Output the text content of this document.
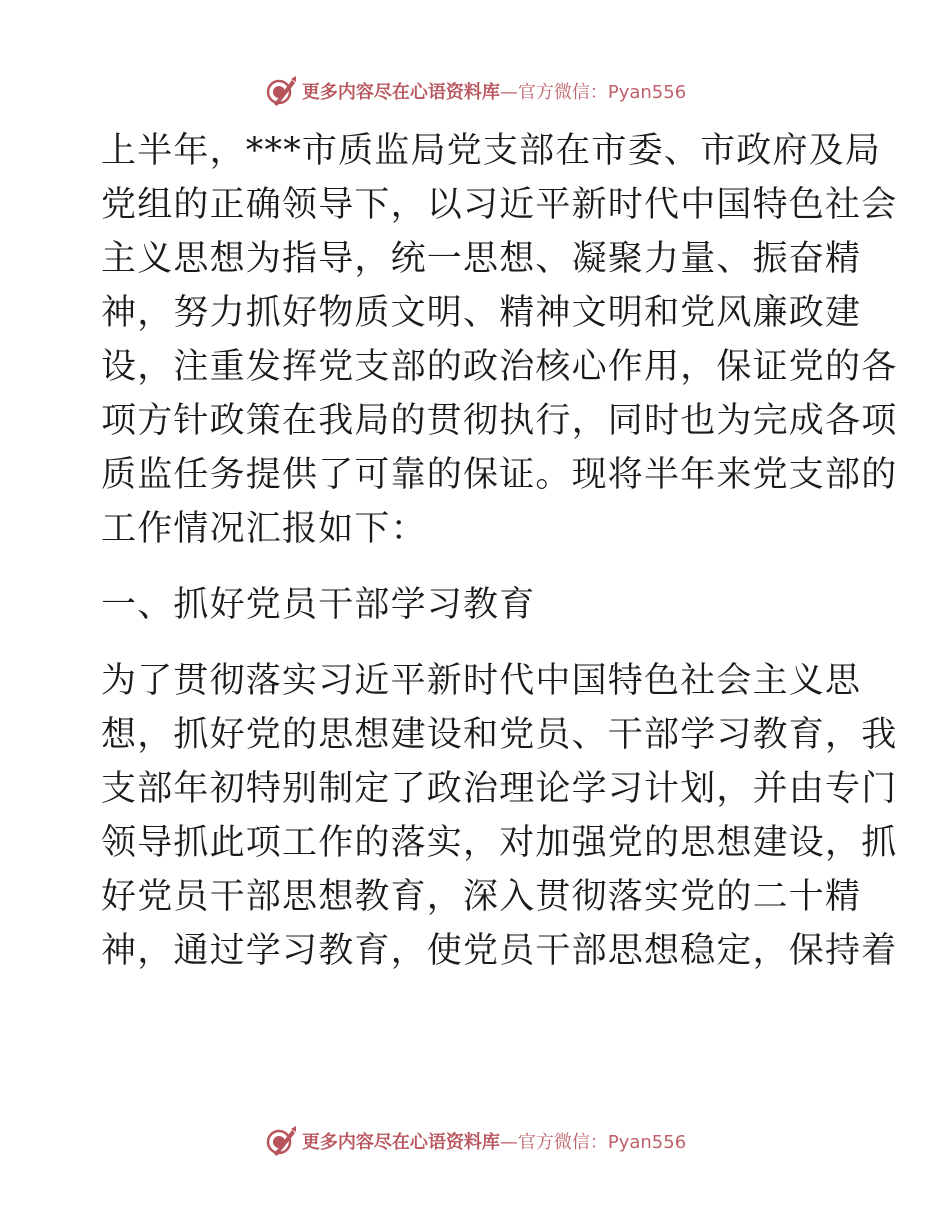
更多内容尽在心语资料库 —官方微信：Pyan556
上半年，***市质监局党支部在市委、市政府及局
党组的正确领导下，以习近平新时代中国特色社会
主义思想为指导，统一思想、凝聚力量、振奋精
神，努力抓好物质文明、精神文明和党风廉政建
设，注重发挥党支部的政治核心作用，保证党的各
项方针政策在我局的贯彻执行，同时也为完成各项
质监任务提供了可靠的保证。现将半年来党支部的
工作情况汇报如下：
一、抓好党员干部学习教育
为了贯彻落实习近平新时代中国特色社会主义思
想，抓好党的思想建设和党员、干部学习教育，我
支部年初特别制定了政治理论学习计划，并由专门
领导抓此项工作的落实，对加强党的思想建设，抓
好党员干部思想教育，深入贯彻落实党的二十精
神，通过学习教育，使党员干部思想稳定，保持着
更多内容尽在心语资料库 —官方微信：Pyan556
